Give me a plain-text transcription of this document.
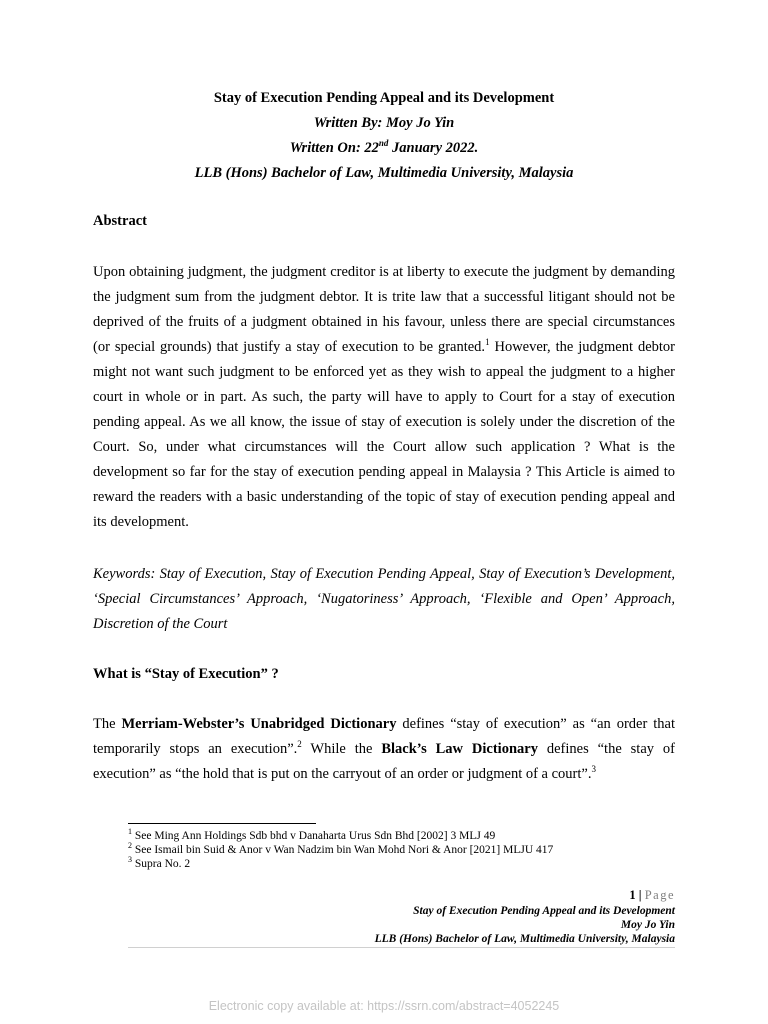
Stay of Execution Pending Appeal and its Development
Written By: Moy Jo Yin
Written On: 22nd January 2022.
LLB (Hons) Bachelor of Law, Multimedia University, Malaysia
Abstract
Upon obtaining judgment, the judgment creditor is at liberty to execute the judgment by demanding the judgment sum from the judgment debtor. It is trite law that a successful litigant should not be deprived of the fruits of a judgment obtained in his favour, unless there are special circumstances (or special grounds) that justify a stay of execution to be granted.$^1$ However, the judgment debtor might not want such judgment to be enforced yet as they wish to appeal the judgment to a higher court in whole or in part. As such, the party will have to apply to Court for a stay of execution pending appeal. As we all know, the issue of stay of execution is solely under the discretion of the Court. So, under what circumstances will the Court allow such application ? What is the development so far for the stay of execution pending appeal in Malaysia ? This Article is aimed to reward the readers with a basic understanding of the topic of stay of execution pending appeal and its development.
Keywords: Stay of Execution, Stay of Execution Pending Appeal, Stay of Execution’s Development, ‘Special Circumstances’ Approach, ‘Nugatoriness’ Approach, ‘Flexible and Open’ Approach, Discretion of the Court
What is “Stay of Execution” ?
The Merriam-Webster’s Unabridged Dictionary defines “stay of execution” as “an order that temporarily stops an execution”.$^2$ While the Black’s Law Dictionary defines “the stay of execution” as “the hold that is put on the carryout of an order or judgment of a court”.$^3$
$^1$ See Ming Ann Holdings Sdb bhd v Danaharta Urus Sdn Bhd [2002] 3 MLJ 49
$^2$ See Ismail bin Suid & Anor v Wan Nadzim bin Wan Mohd Nori & Anor [2021] MLJU 417
$^3$ Supra No. 2
1 | Page
Stay of Execution Pending Appeal and its Development
Moy Jo Yin
LLB (Hons) Bachelor of Law, Multimedia University, Malaysia
Electronic copy available at: https://ssrn.com/abstract=4052245
